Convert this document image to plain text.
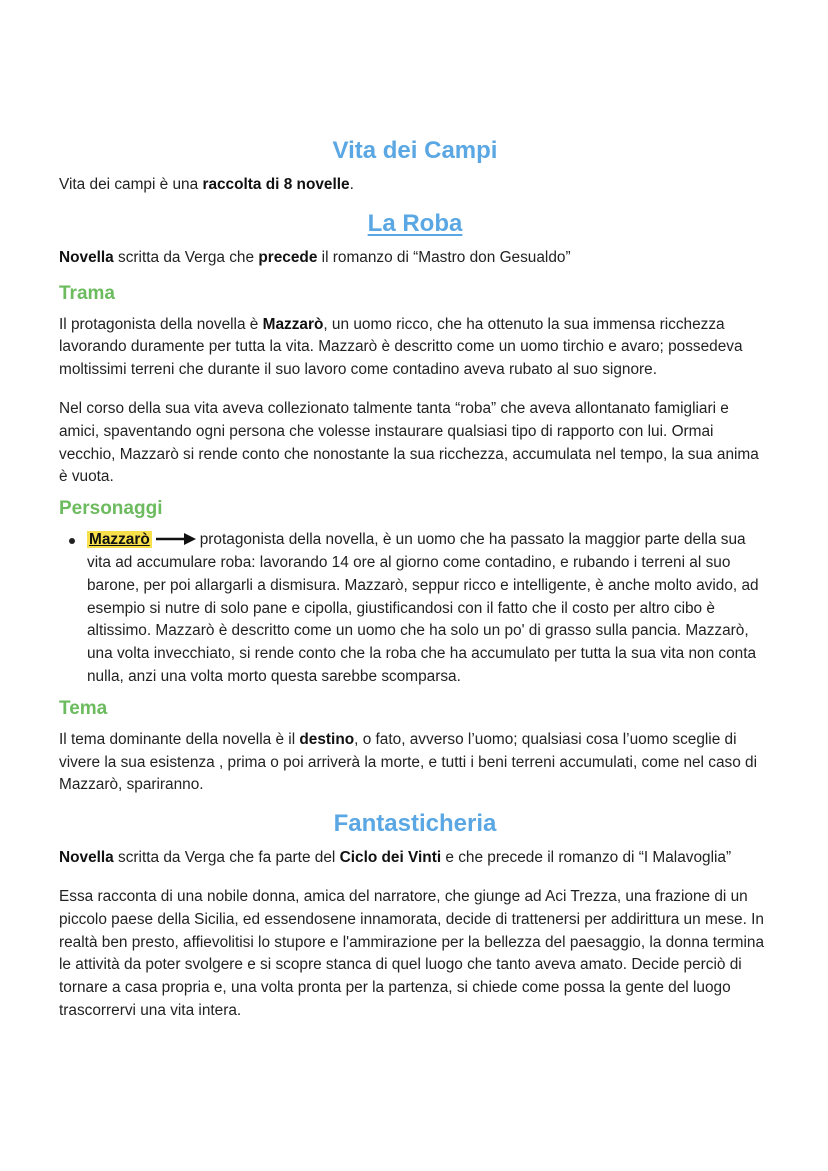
Vita dei Campi

Vita dei campi è una raccolta di 8 novelle.

La Roba

Novella scritta da Verga che precede il romanzo di “Mastro don Gesualdo”

Trama

Il protagonista della novella è Mazzarò, un uomo ricco, che ha ottenuto la sua immensa ricchezza lavorando duramente per tutta la vita. Mazzarò è descritto come un uomo tirchio e avaro; possedeva moltissimi terreni che durante il suo lavoro come contadino aveva rubato al suo signore.

Nel corso della sua vita aveva collezionato talmente tanta “roba” che aveva allontanato famigliari e amici, spaventando ogni persona che volesse instaurare qualsiasi tipo di rapporto con lui. Ormai vecchio, Mazzarò si rende conto che nonostante la sua ricchezza, accumulata nel tempo, la sua anima è vuota.

Personaggi
Mazzarò	protagonista della novella, è un uomo che ha passato la maggior parte della sua vita ad accumulare roba: lavorando 14 ore al giorno come contadino, e rubando i terreni al suo barone, per poi allargarli a dismisura. Mazzarò, seppur ricco e intelligente, è anche molto avido, ad esempio si nutre di solo pane e cipolla, giustificandosi con il fatto che il costo per altro cibo è altissimo. Mazzarò è descritto come un uomo che ha solo un po' di grasso sulla pancia. Mazzarò, una volta invecchiato, si rende conto che la roba che ha accumulato per tutta la sua vita non conta nulla, anzi una volta morto questa sarebbe scomparsa.
Tema

Il tema dominante della novella è il destino, o fato, avverso l’uomo; qualsiasi cosa l’uomo sceglie di vivere la sua esistenza , prima o poi arriverà la morte, e tutti i beni terreni accumulati, come nel caso di Mazzarò, spariranno.

Fantasticheria

Novella scritta da Verga che fa parte del Ciclo dei Vinti e che precede il romanzo di “I Malavoglia”

Essa racconta di una nobile donna, amica del narratore, che giunge ad Aci Trezza, una frazione di un piccolo paese della Sicilia, ed essendosene innamorata, decide di trattenersi per addirittura un mese. In realtà ben presto, affievolitisi lo stupore e l'ammirazione per la bellezza del paesaggio, la donna termina le attività da poter svolgere e si scopre stanca di quel luogo che tanto aveva amato. Decide perciò di tornare a casa propria e, una volta pronta per la partenza, si chiede come possa la gente del luogo trascorrervi una vita intera.
